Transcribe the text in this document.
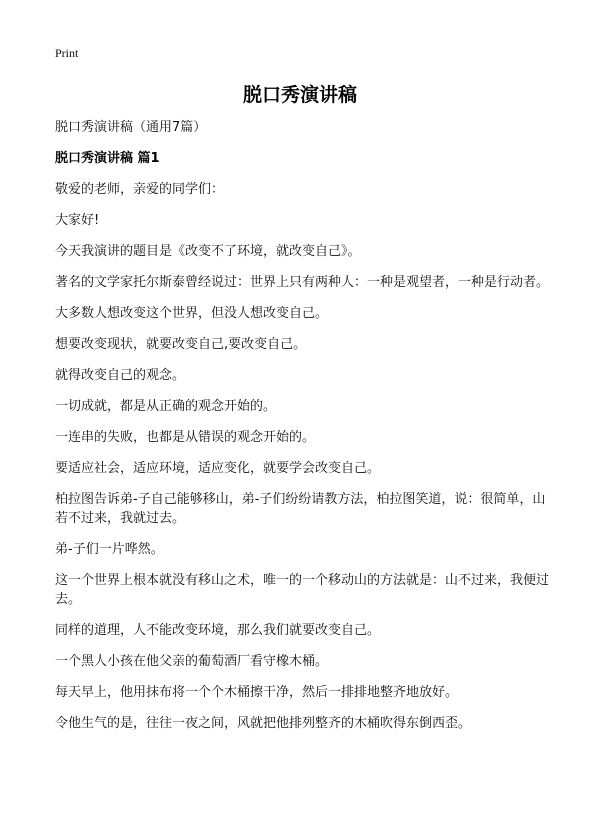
Print
脱口秀演讲稿

脱口秀演讲稿（通用7篇）

脱口秀演讲稿 篇1

敬爱的老师，亲爱的同学们：

大家好!

今天我演讲的题目是《改变不了环境，就改变自己》。

著名的文学家托尔斯泰曾经说过：世界上只有两种人：一种是观望者，一种是行动者。

大多数人想改变这个世界，但没人想改变自己。

想要改变现状，就要改变自己,要改变自己。

就得改变自己的观念。

一切成就，都是从正确的观念开始的。

一连串的失败，也都是从错误的观念开始的。

要适应社会，适应环境，适应变化，就要学会改变自己。

柏拉图告诉弟-子自己能够移山，弟-子们纷纷请教方法，柏拉图笑道，说：很简单，山若不过来，我就过去。

弟-子们一片哗然。

这一个世界上根本就没有移山之术，唯一的一个移动山的方法就是：山不过来，我便过去。

同样的道理，人不能改变环境，那么我们就要改变自己。

一个黑人小孩在他父亲的葡萄酒厂看守橡木桶。

每天早上，他用抹布将一个个木桶擦干净，然后一排排地整齐地放好。

令他生气的是，往往一夜之间，风就把他排列整齐的木桶吹得东倒西歪。
